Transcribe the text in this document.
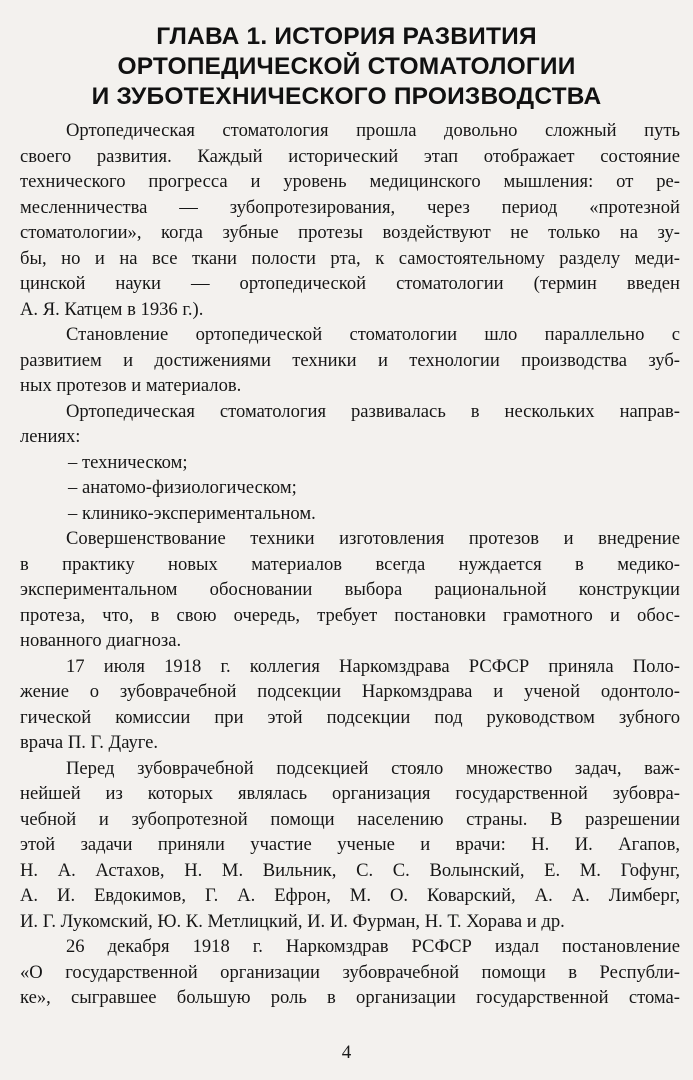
ГЛАВА 1. ИСТОРИЯ РАЗВИТИЯ
ОРТОПЕДИЧЕСКОЙ СТОМАТОЛОГИИ
И ЗУБОТЕХНИЧЕСКОГО ПРОИЗВОДСТВА
Ортопедическая стоматология прошла довольно сложный путь
своего развития. Каждый исторический этап отображает состояние
технического прогресса и уровень медицинского мышления: от ре-
месленничества — зубопротезирования, через период «протезной
стоматологии», когда зубные протезы воздействуют не только на зу-
бы, но и на все ткани полости рта, к самостоятельному разделу меди-
цинской науки — ортопедической стоматологии (термин введен
А. Я. Катцем в 1936 г.).
Становление ортопедической стоматологии шло параллельно с
развитием и достижениями техники и технологии производства зуб-
ных протезов и материалов.
Ортопедическая стоматология развивалась в нескольких направ-
лениях:
– техническом;
– анатомо-физиологическом;
– клинико-экспериментальном.
Совершенствование техники изготовления протезов и внедрение
в практику новых материалов всегда нуждается в медико-
экспериментальном обосновании выбора рациональной конструкции
протеза, что, в свою очередь, требует постановки грамотного и обос-
нованного диагноза.
17 июля 1918 г. коллегия Наркомздрава РСФСР приняла Поло-
жение о зубоврачебной подсекции Наркомздрава и ученой одонтоло-
гической комиссии при этой подсекции под руководством зубного
врача П. Г. Дауге.
Перед зубоврачебной подсекцией стояло множество задач, важ-
нейшей из которых являлась организация государственной зубовра-
чебной и зубопротезной помощи населению страны. В разрешении
этой задачи приняли участие ученые и врачи: Н. И. Агапов,
Н. А. Астахов, Н. М. Вильник, С. С. Волынский, Е. М. Гофунг,
А. И. Евдокимов, Г. А. Ефрон, М. О. Коварский, А. А. Лимберг,
И. Г. Лукомский, Ю. К. Метлицкий, И. И. Фурман, Н. Т. Хорава и др.
26 декабря 1918 г. Наркомздрав РСФСР издал постановление
«О государственной организации зубоврачебной помощи в Республи-
ке», сыгравшее большую роль в организации государственной стома-
4
